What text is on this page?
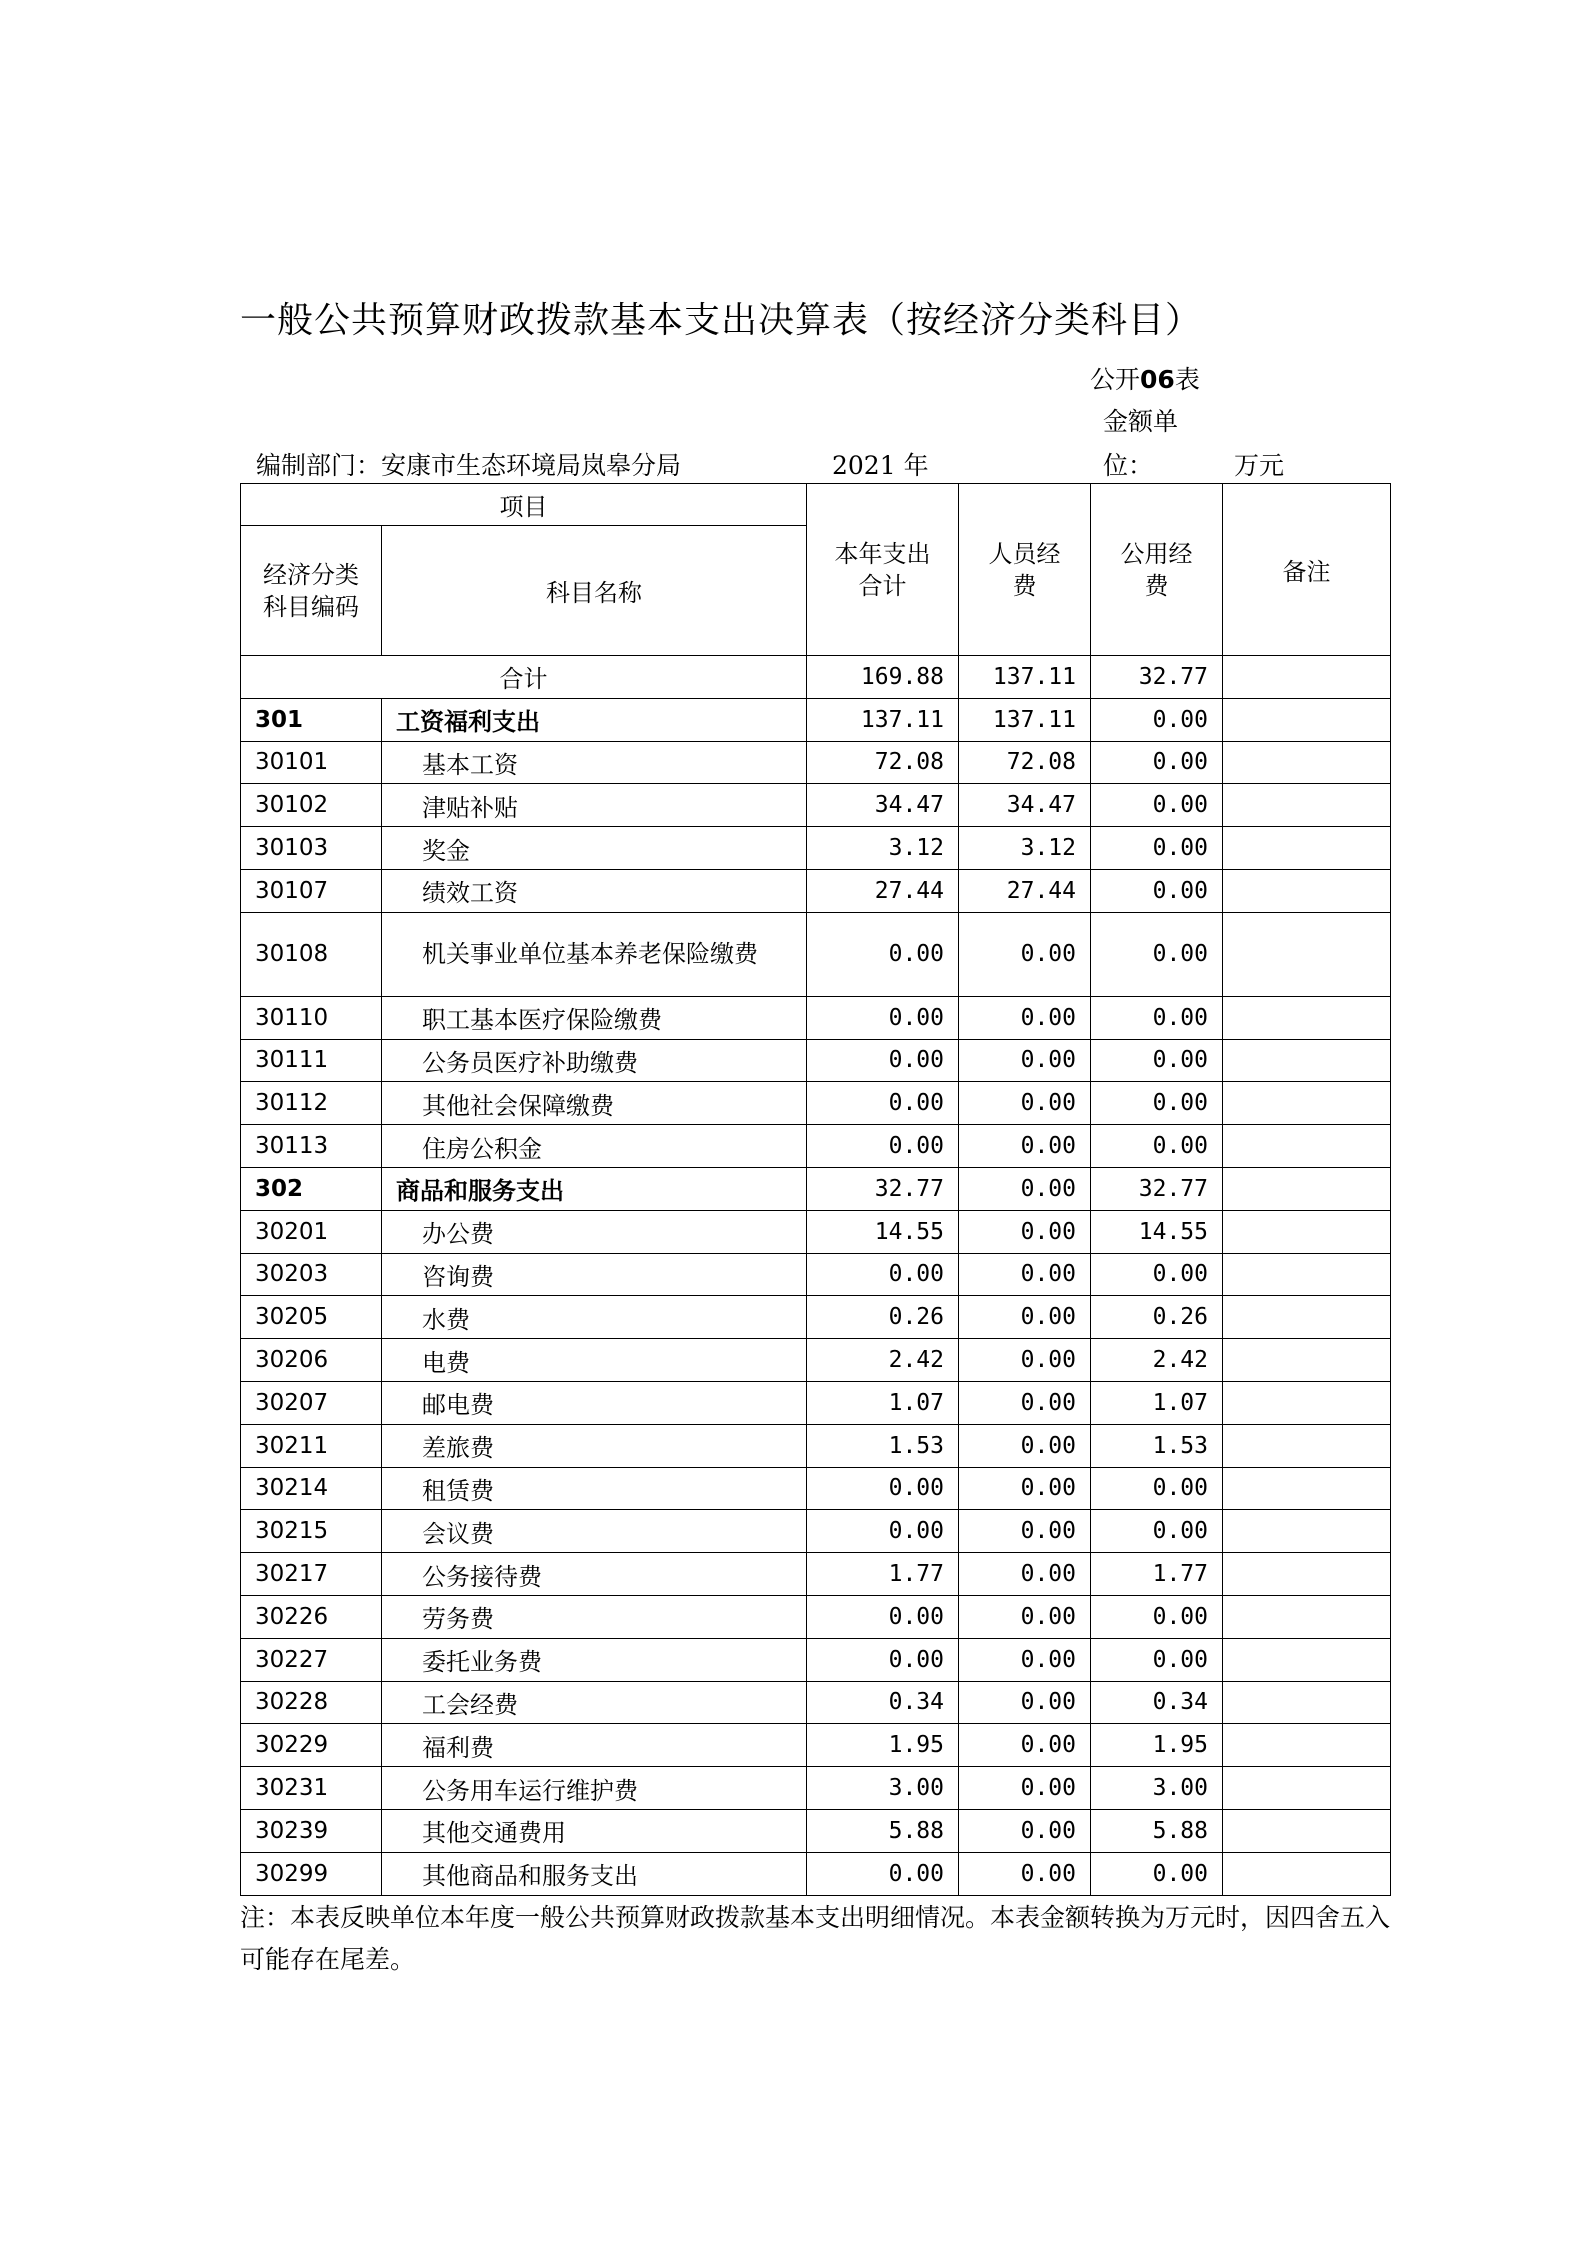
一般公共预算财政拨款基本支出决算表（按经济分类科目）
公开06表
金额单
位：	万元
编制部门：安康市生态环境局岚皋分局	2021 年
项目		本年支出合计	人员经费	公用经费	备注

经济分类科目编码	科目名称				
合计		169.88	137.11	32.77	
301	工资福利支出	137.11	137.11	0.00	
30101	基本工资	72.08	72.08	0.00	
30102	津贴补贴	34.47	34.47	0.00	
30103	奖金	3.12	3.12	0.00	
30107	绩效工资	27.44	27.44	0.00	
30108	机关事业单位基本养老保险缴费	0.00	0.00	0.00	
30110	职工基本医疗保险缴费	0.00	0.00	0.00	
30111	公务员医疗补助缴费	0.00	0.00	0.00	
30112	其他社会保障缴费	0.00	0.00	0.00	
30113	住房公积金	0.00	0.00	0.00	
302	商品和服务支出	32.77	0.00	32.77	
30201	办公费	14.55	0.00	14.55	
30203	咨询费	0.00	0.00	0.00	
30205	水费	0.26	0.00	0.26	
30206	电费	2.42	0.00	2.42	
30207	邮电费	1.07	0.00	1.07	
30211	差旅费	1.53	0.00	1.53	
30214	租赁费	0.00	0.00	0.00	
30215	会议费	0.00	0.00	0.00	
30217	公务接待费	1.77	0.00	1.77	
30226	劳务费	0.00	0.00	0.00	
30227	委托业务费	0.00	0.00	0.00	
30228	工会经费	0.34	0.00	0.34	
30229	福利费	1.95	0.00	1.95	
30231	公务用车运行维护费	3.00	0.00	3.00	
30239	其他交通费用	5.88	0.00	5.88	
30299	其他商品和服务支出	0.00	0.00	0.00	
注：本表反映单位本年度一般公共预算财政拨款基本支出明细情况。本表金额转换为万元时，因四舍五入可能存在尾差。
